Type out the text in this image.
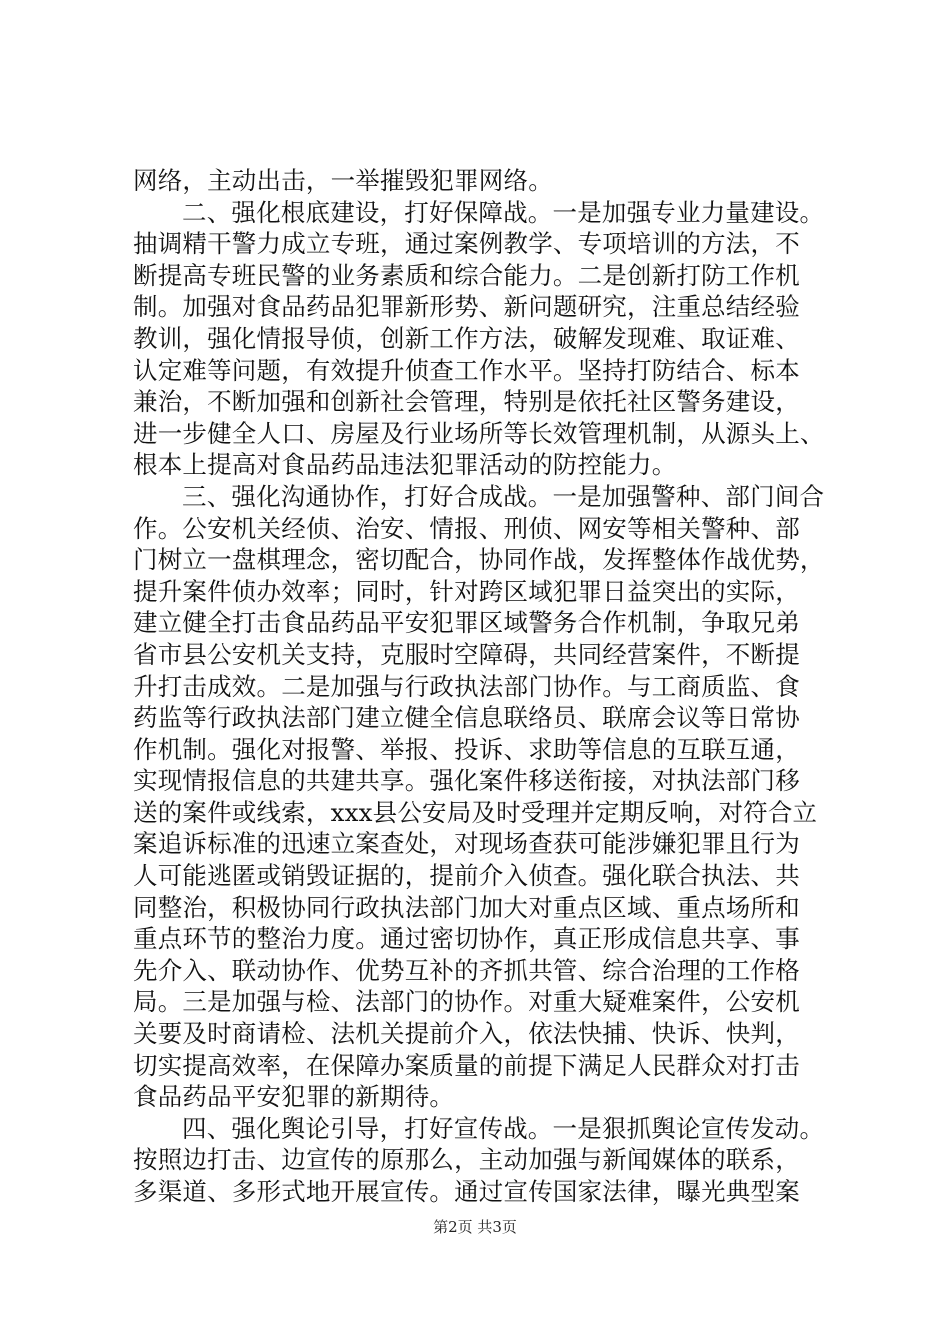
网络，主动出击，一举摧毁犯罪网络。
二、强化根底建设，打好保障战。一是加强专业力量建设。
抽调精干警力成立专班，通过案例教学、专项培训的方法，不
断提高专班民警的业务素质和综合能力。二是创新打防工作机
制。加强对食品药品犯罪新形势、新问题研究，注重总结经验
教训，强化情报导侦，创新工作方法，破解发现难、取证难、
认定难等问题，有效提升侦查工作水平。坚持打防结合、标本
兼治，不断加强和创新社会管理，特别是依托社区警务建设，
进一步健全人口、房屋及行业场所等长效管理机制，从源头上、
根本上提高对食品药品违法犯罪活动的防控能力。
三、强化沟通协作，打好合成战。一是加强警种、部门间合
作。公安机关经侦、治安、情报、刑侦、网安等相关警种、部
门树立一盘棋理念，密切配合，协同作战，发挥整体作战优势，
提升案件侦办效率；同时，针对跨区域犯罪日益突出的实际，
建立健全打击食品药品平安犯罪区域警务合作机制，争取兄弟
省市县公安机关支持，克服时空障碍，共同经营案件，不断提
升打击成效。二是加强与行政执法部门协作。与工商质监、食
药监等行政执法部门建立健全信息联络员、联席会议等日常协
作机制。强化对报警、举报、投诉、求助等信息的互联互通，
实现情报信息的共建共享。强化案件移送衔接，对执法部门移
送的案件或线索，xxx县公安局及时受理并定期反响，对符合立
案追诉标准的迅速立案查处，对现场查获可能涉嫌犯罪且行为
人可能逃匿或销毁证据的，提前介入侦查。强化联合执法、共
同整治，积极协同行政执法部门加大对重点区域、重点场所和
重点环节的整治力度。通过密切协作，真正形成信息共享、事
先介入、联动协作、优势互补的齐抓共管、综合治理的工作格
局。三是加强与检、法部门的协作。对重大疑难案件，公安机
关要及时商请检、法机关提前介入，依法快捕、快诉、快判，
切实提高效率，在保障办案质量的前提下满足人民群众对打击
食品药品平安犯罪的新期待。
四、强化舆论引导，打好宣传战。一是狠抓舆论宣传发动。
按照边打击、边宣传的原那么，主动加强与新闻媒体的联系，
多渠道、多形式地开展宣传。通过宣传国家法律，曝光典型案
第2页 共3页
